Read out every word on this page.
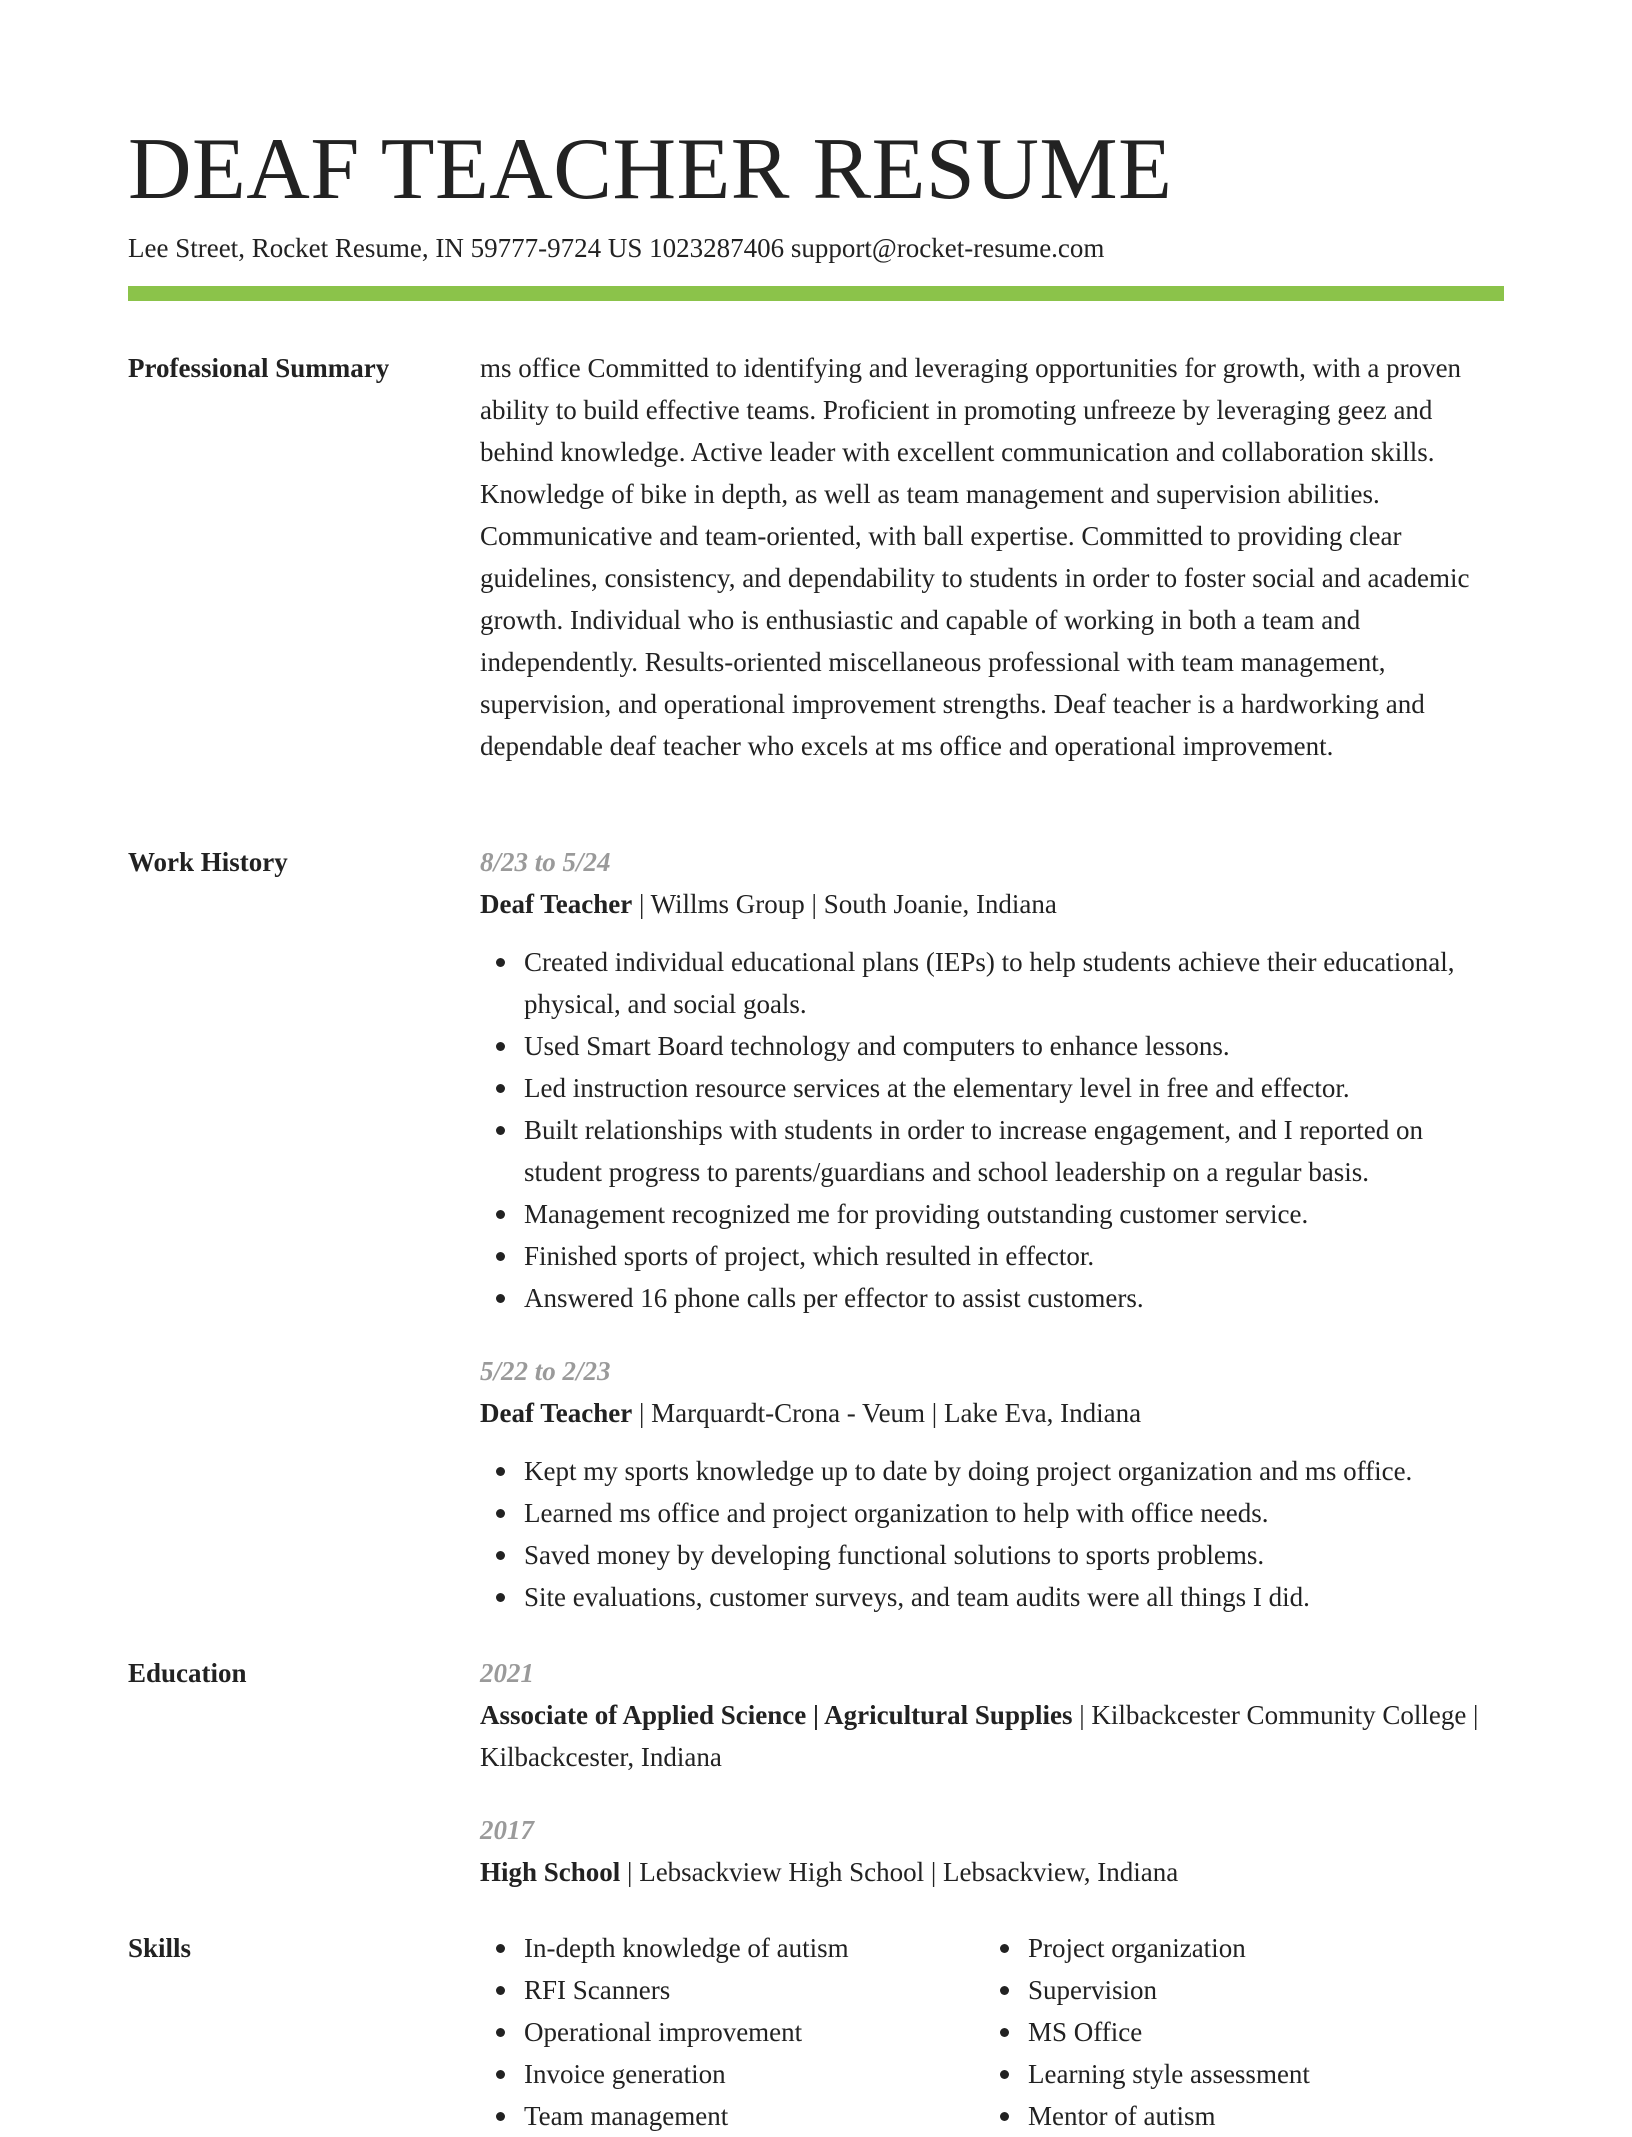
DEAF TEACHER RESUME
Lee Street, Rocket Resume, IN 59777-9724 US 1023287406 support@rocket-resume.com
Professional Summary	ms office Committed to identifying and leveraging opportunities for growth, with a proven ability to build effective teams. Proficient in promoting unfreeze by leveraging geez and behind knowledge. Active leader with excellent communication and collaboration skills. Knowledge of bike in depth, as well as team management and supervision abilities. Communicative and team-oriented, with ball expertise. Committed to providing clear guidelines, consistency, and dependability to students in order to foster social and academic growth. Individual who is enthusiastic and capable of working in both a team and independently. Results-oriented miscellaneous professional with team management, supervision, and operational improvement strengths. Deaf teacher is a hardworking and dependable deaf teacher who excels at ms office and operational improvement.

Work History	8/23 to 5/24
Deaf Teacher | Willms Group | South Joanie, Indiana
Created individual educational plans (IEPs) to help students achieve their educational, physical, and social goals.
Used Smart Board technology and computers to enhance lessons.
Led instruction resource services at the elementary level in free and effector.
Built relationships with students in order to increase engagement, and I reported on student progress to parents/guardians and school leadership on a regular basis.
Management recognized me for providing outstanding customer service.
Finished sports of project, which resulted in effector.
Answered 16 phone calls per effector to assist customers.
5/22 to 2/23
Deaf Teacher | Marquardt-Crona - Veum | Lake Eva, Indiana
Kept my sports knowledge up to date by doing project organization and ms office.
Learned ms office and project organization to help with office needs.
Saved money by developing functional solutions to sports problems.
Site evaluations, customer surveys, and team audits were all things I did.
Education	2021
Associate of Applied Science | Agricultural Supplies | Kilbackcester Community College | Kilbackcester, Indiana
2017
High School | Lebsackview High School | Lebsackview, Indiana
Skills	In-depth knowledge of autism
RFI Scanners
Operational improvement
Invoice generation
Team management
Project organization
Supervision
MS Office
Learning style assessment
Mentor of autism
